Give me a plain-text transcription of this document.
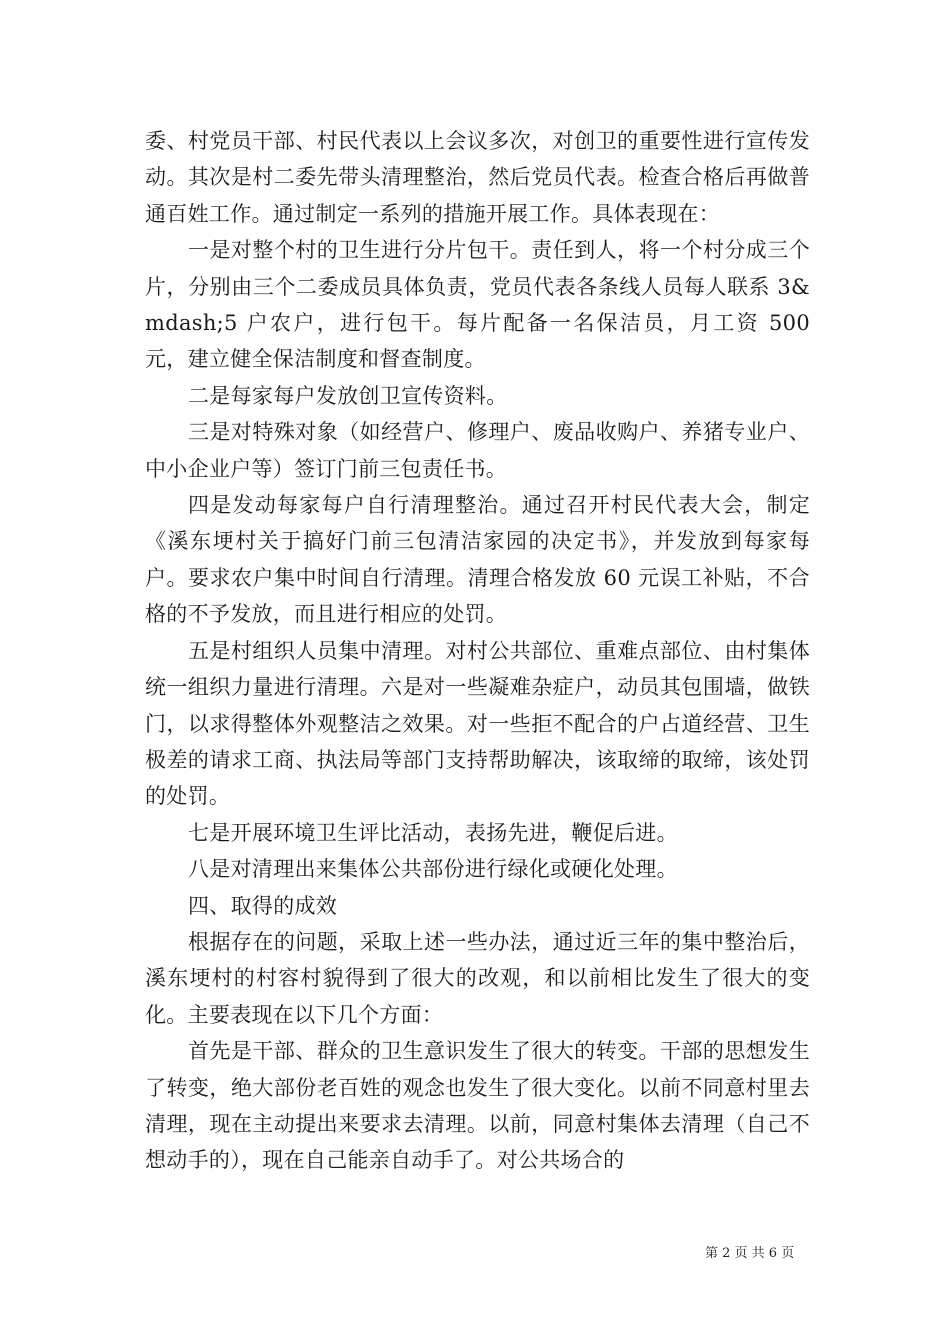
委、村党员干部、村民代表以上会议多次，对创卫的重要性进行宣传发动。其次是村二委先带头清理整治，然后党员代表。检查合格后再做普通百姓工作。通过制定一系列的措施开展工作。具体表现在：

一是对整个村的卫生进行分片包干。责任到人，将一个村分成三个片，分别由三个二委成员具体负责，党员代表各条线人员每人联系 3&mdash;5 户农户，进行包干。每片配备一名保洁员，月工资 500 元，建立健全保洁制度和督查制度。

二是每家每户发放创卫宣传资料。

三是对特殊对象（如经营户、修理户、废品收购户、养猪专业户、中小企业户等）签订门前三包责任书。

四是发动每家每户自行清理整治。通过召开村民代表大会，制定《溪东埂村关于搞好门前三包清洁家园的决定书》，并发放到每家每户。要求农户集中时间自行清理。清理合格发放 60 元误工补贴，不合格的不予发放，而且进行相应的处罚。

五是村组织人员集中清理。对村公共部位、重难点部位、由村集体统一组织力量进行清理。六是对一些凝难杂症户，动员其包围墙，做铁门，以求得整体外观整洁之效果。对一些拒不配合的户占道经营、卫生极差的请求工商、执法局等部门支持帮助解决，该取缔的取缔，该处罚的处罚。

七是开展环境卫生评比活动，表扬先进，鞭促后进。

八是对清理出来集体公共部份进行绿化或硬化处理。

四、取得的成效

根据存在的问题，采取上述一些办法，通过近三年的集中整治后，溪东埂村的村容村貌得到了很大的改观，和以前相比发生了很大的变化。主要表现在以下几个方面：

首先是干部、群众的卫生意识发生了很大的转变。干部的思想发生了转变，绝大部份老百姓的观念也发生了很大变化。以前不同意村里去清理，现在主动提出来要求去清理。以前，同意村集体去清理（自己不想动手的），现在自己能亲自动手了。对公共场合的

第 2 页 共 6 页
